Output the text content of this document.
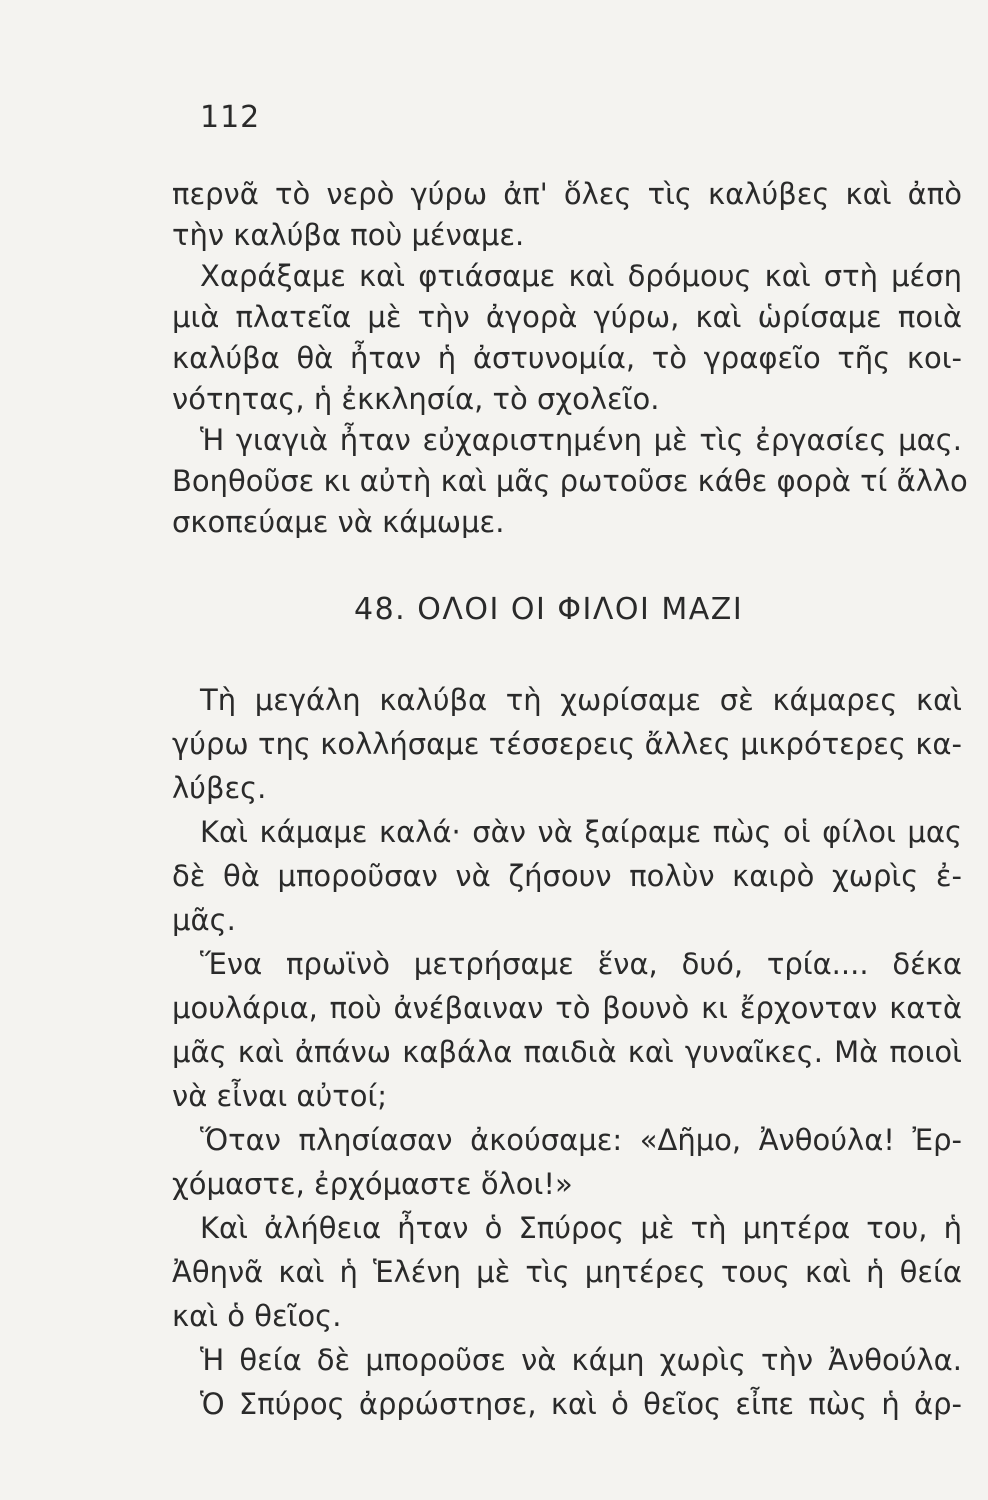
112
περνᾶ τὸ νερὸ γύρω ἀπ' ὅλες τὶς καλύβες καὶ ἀπὸ
τὴν καλύβα ποὺ μέναμε.
Χαράξαμε καὶ φτιάσαμε καὶ δρόμους καὶ στὴ μέση
μιὰ πλατεῖα μὲ τὴν ἀγορὰ γύρω, καὶ ὡρίσαμε ποιὰ
καλύβα θὰ ἦταν ἡ ἀστυνομία, τὸ γραφεῖο τῆς κοι-
νότητας, ἡ ἐκκλησία, τὸ σχολεῖο.
Ἡ γιαγιὰ ἦταν εὐχαριστημένη μὲ τὶς ἐργασίες μας.
Βοηθοῦσε κι αὐτὴ καὶ μᾶς ρωτοῦσε κάθε φορὰ τί ἄλλο
σκοπεύαμε νὰ κάμωμε.
48. ΟΛΟΙ ΟΙ ΦΙΛΟΙ ΜΑΖΙ
Τὴ μεγάλη καλύβα τὴ χωρίσαμε σὲ κάμαρες καὶ
γύρω της κολλήσαμε τέσσερεις ἄλλες μικρότερες κα-
λύβες.
Καὶ κάμαμε καλά· σὰν νὰ ξαίραμε πὼς οἱ φίλοι μας
δὲ θὰ μποροῦσαν νὰ ζήσουν πολὺν καιρὸ χωρὶς ἐ-
μᾶς.
Ἕνα πρωϊνὸ μετρήσαμε ἕνα, δυό, τρία.... δέκα
μουλάρια, ποὺ ἀνέβαιναν τὸ βουνὸ κι ἔρχονταν κατὰ
μᾶς καὶ ἀπάνω καβάλα παιδιὰ καὶ γυναῖκες. Μὰ ποιοὶ
νὰ εἶναι αὐτοί;
Ὅταν πλησίασαν ἀκούσαμε: «Δῆμο, Ἀνθούλα! Ἐρ-
χόμαστε, ἐρχόμαστε ὅλοι!»
Καὶ ἀλήθεια ἦταν ὁ Σπύρος μὲ τὴ μητέρα του, ἡ
Ἀθηνᾶ καὶ ἡ Ἑλένη μὲ τὶς μητέρες τους καὶ ἡ θεία
καὶ ὁ θεῖος.
Ἡ θεία δὲ μποροῦσε νὰ κάμη χωρὶς τὴν Ἀνθούλα.
Ὁ Σπύρος ἀρρώστησε, καὶ ὁ θεῖος εἶπε πὼς ἡ ἀρ-
